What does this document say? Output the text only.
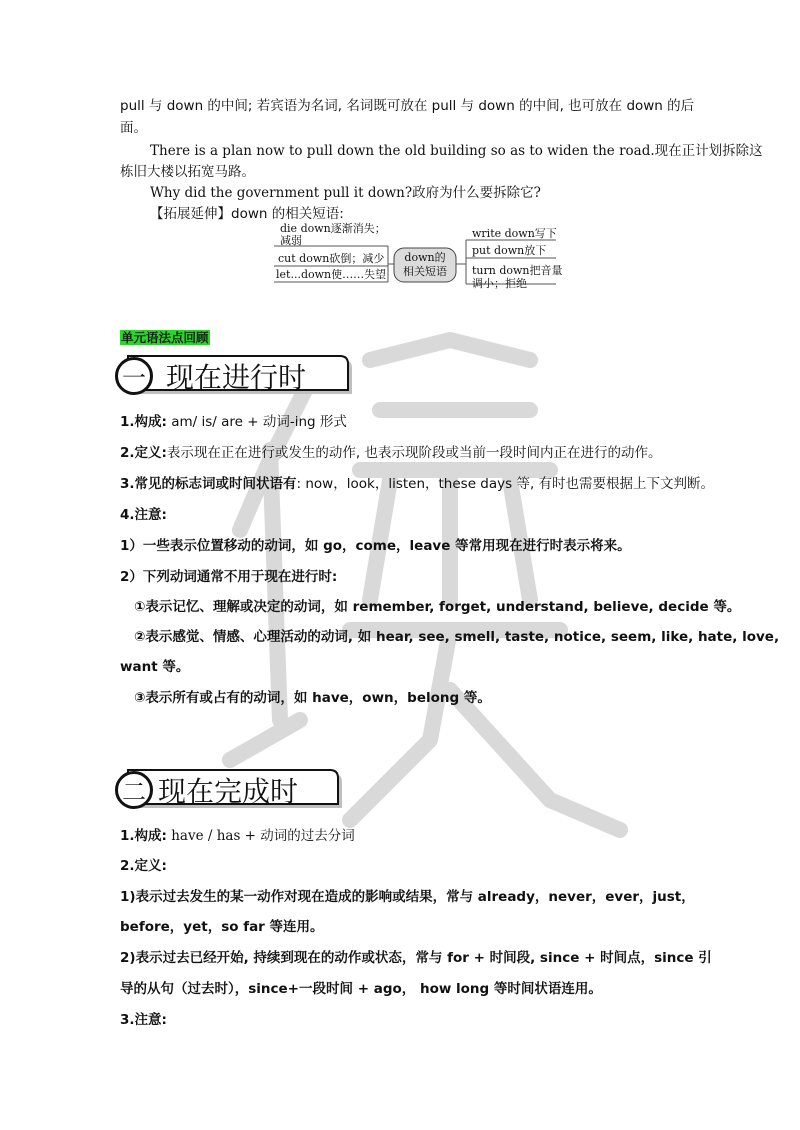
pull 与 down 的中间; 若宾语为名词, 名词既可放在 pull 与 down 的中间, 也可放在 down 的后
面。
There is a plan now to pull down the old building so as to widen the road.现在正计划拆除这
栋旧大楼以拓宽马路。
Why did the government pull it down?政府为什么要拆除它?
【拓展延伸】down 的相关短语:
down的
相关短语
die down逐渐消失；
减弱
cut down砍倒；减少
let...down使……失望
write down写下
put down放下
turn down把音量
调小；拒绝
单元语法点回顾
一 现在进行时
1.构成: am/ is/ are + 动词-ing 形式
2.定义:表示现在正在进行或发生的动作, 也表示现阶段或当前一段时间内正在进行的动作。
3.常见的标志词或时间状语有: now，look，listen，these days 等, 有时也需要根据上下文判断。
4.注意:
1）一些表示位置移动的动词，如 go，come，leave 等常用现在进行时表示将来。
2）下列动词通常不用于现在进行时:
①表示记忆、理解或决定的动词，如 remember, forget, understand, believe, decide 等。
②表示感觉、情感、心理活动的动词, 如 hear, see, smell, taste, notice, seem, like, hate, love,
want 等。
③表示所有或占有的动词，如 have，own，belong 等。
二 现在完成时
1.构成: have / has + 动词的过去分词
2.定义:
1)表示过去发生的某一动作对现在造成的影响或结果，常与 already，never，ever，just，
before，yet，so far 等连用。
2)表示过去已经开始, 持续到现在的动作或状态，常与 for + 时间段, since + 时间点，since 引
导的从句（过去时），since+一段时间 + ago， how long 等时间状语连用。
3.注意:
